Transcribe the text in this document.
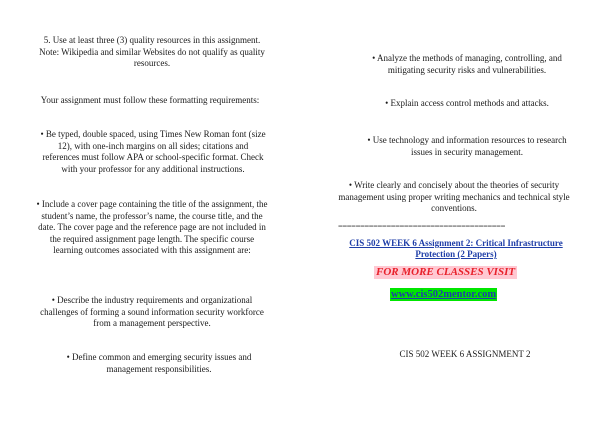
5. Use at least three (3) quality resources in this assignment. Note: Wikipedia and similar Websites do not qualify as quality resources.

Your assignment must follow these formatting requirements:

• Be typed, double spaced, using Times New Roman font (size 12), with one-inch margins on all sides; citations and references must follow APA or school-specific format. Check with your professor for any additional instructions.

• Include a cover page containing the title of the assignment, the student’s name, the professor’s name, the course title, and the date. The cover page and the reference page are not included in the required assignment page length. The specific course learning outcomes associated with this assignment are:

• Describe the industry requirements and organizational challenges of forming a sound information security workforce from a management perspective.

• Define common and emerging security issues and management responsibilities.

• Analyze the methods of managing, controlling, and mitigating security risks and vulnerabilities.

• Explain access control methods and attacks.

• Use technology and information resources to research issues in security management.

• Write clearly and concisely about the theories of security management using proper writing mechanics and technical style conventions.

======================================
CIS 502 WEEK 6 Assignment 2: Critical Infrastructure Protection (2 Papers)
FOR MORE CLASSES VISIT
www.cis502mentor.com

CIS 502 WEEK 6 ASSIGNMENT 2
